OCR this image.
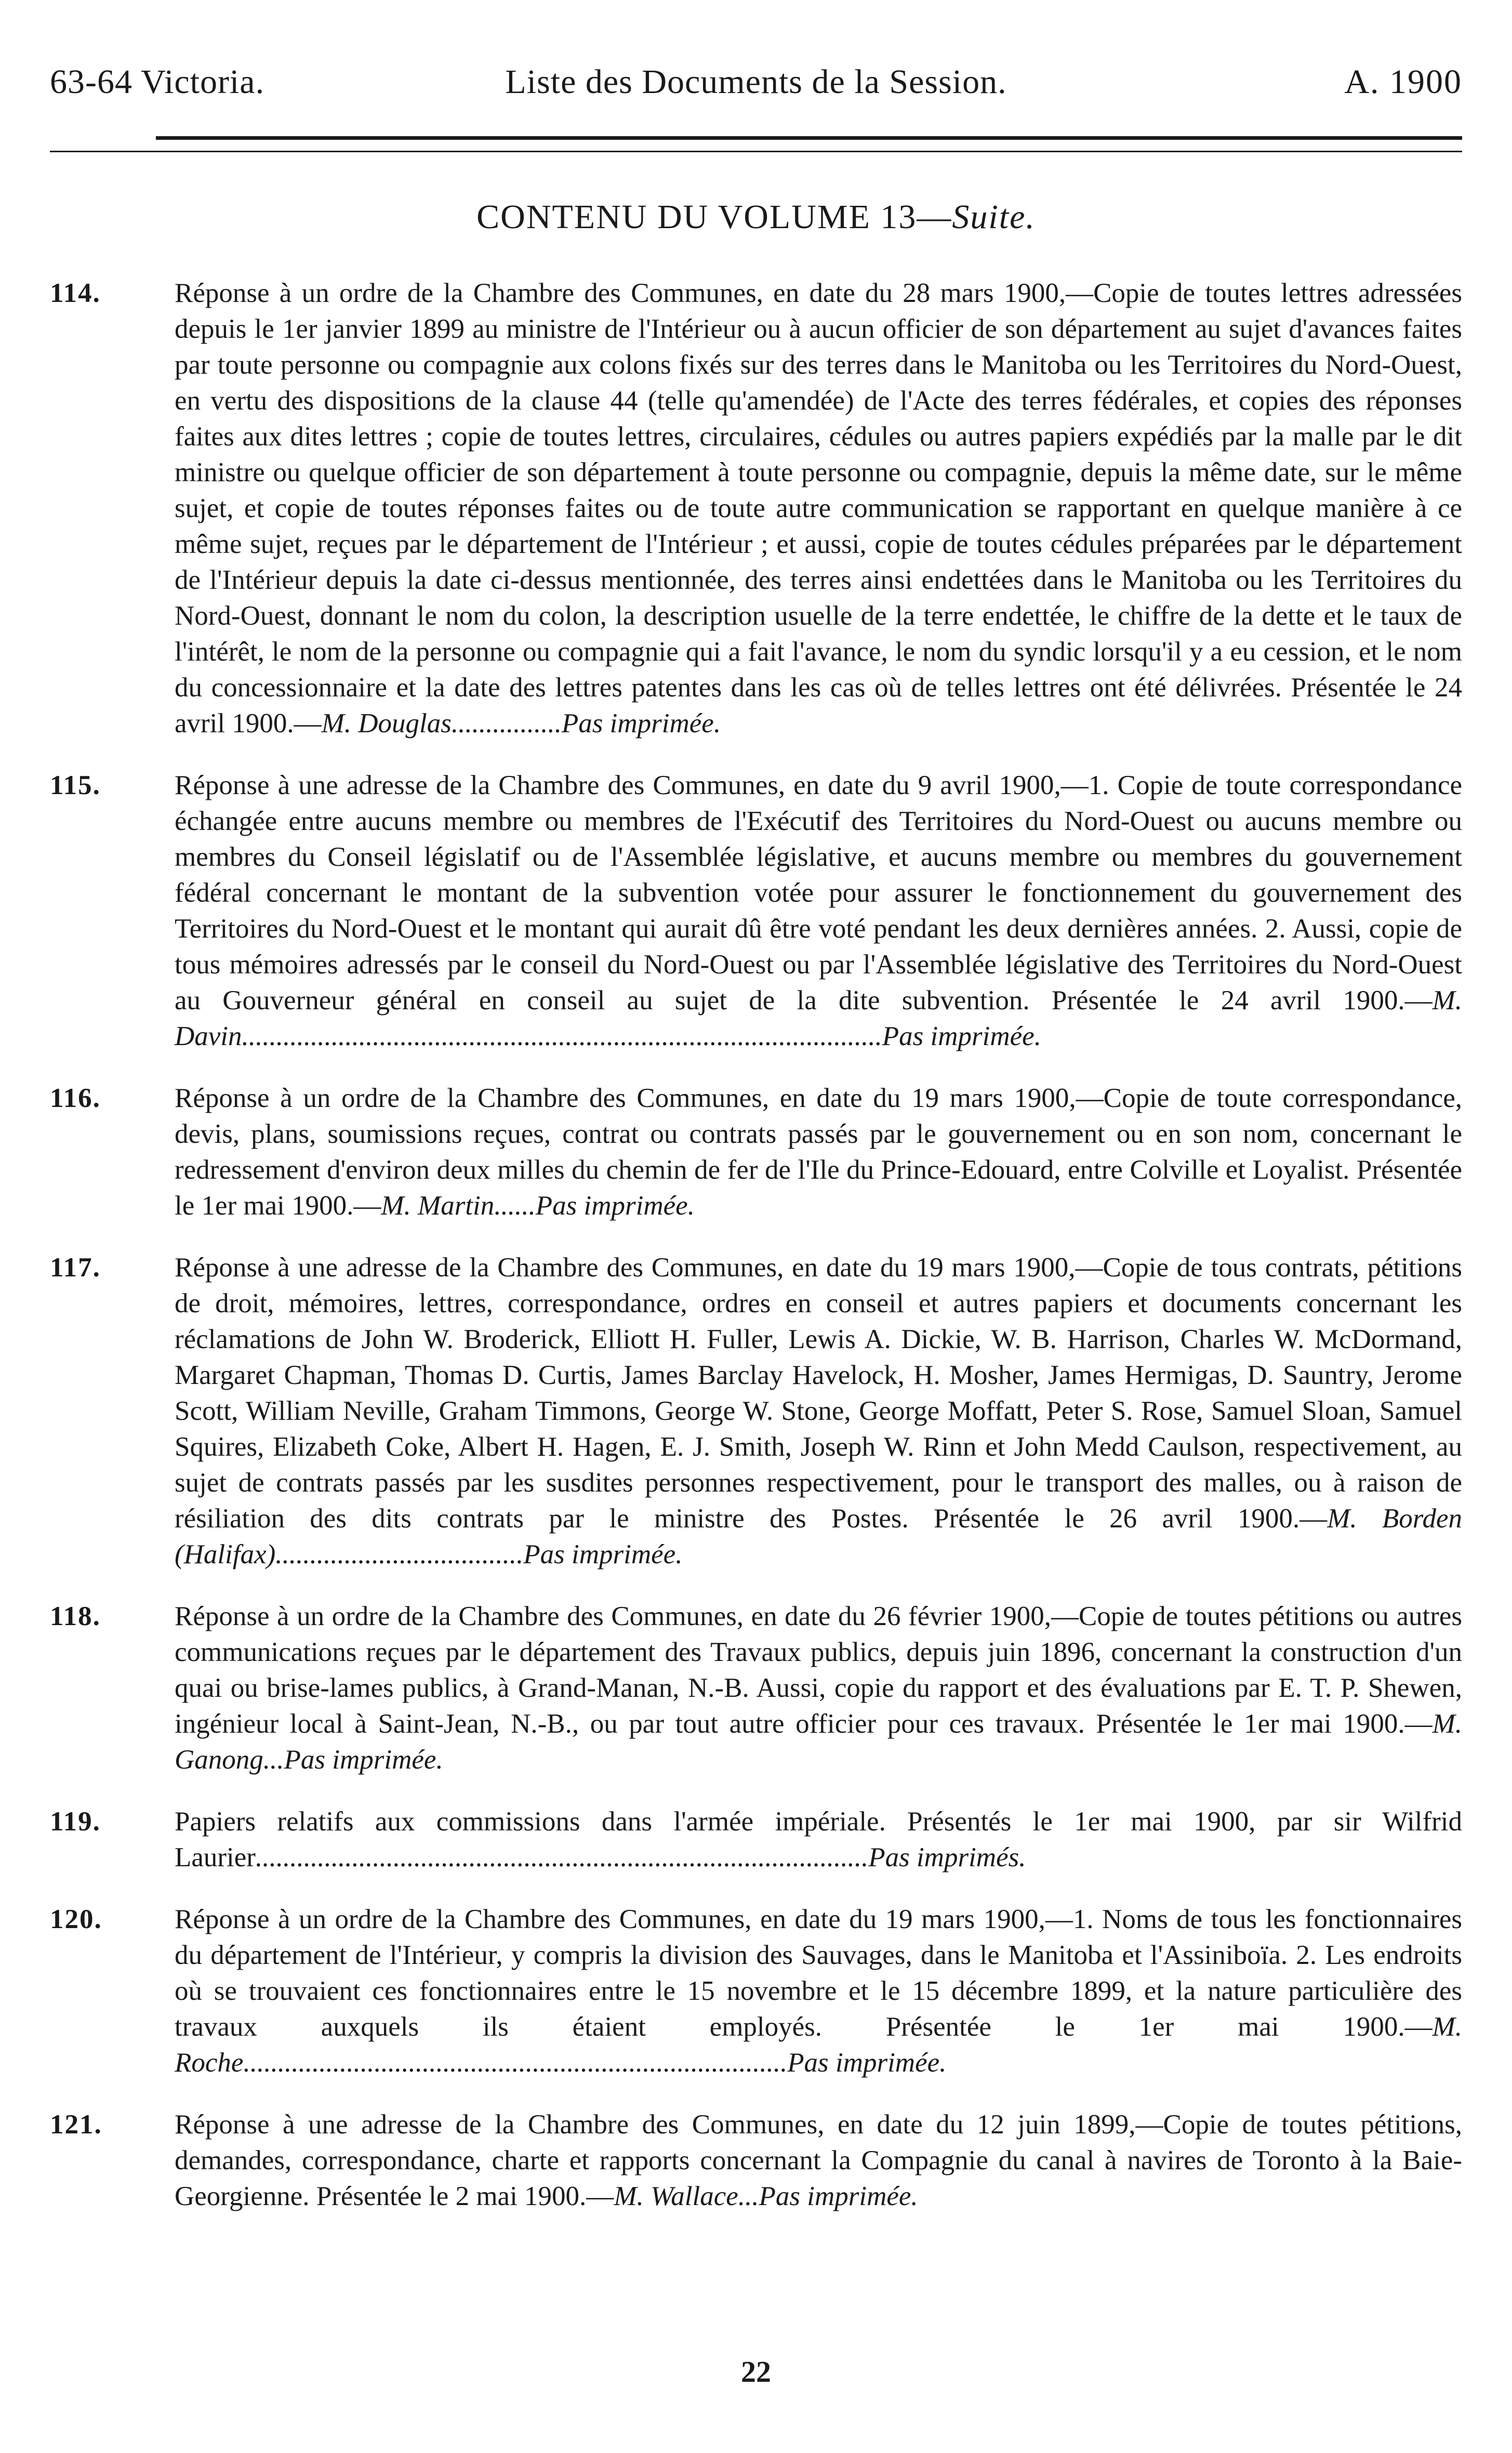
63-64 Victoria.	Liste des Documents de la Session.	A. 1900
CONTENU DU VOLUME 13—Suite.
114.	Réponse à un ordre de la Chambre des Communes, en date du 28 mars 1900,—Copie de toutes lettres adressées depuis le 1er janvier 1899 au ministre de l'Intérieur ou à aucun officier de son département au sujet d'avances faites par toute personne ou compagnie aux colons fixés sur des terres dans le Manitoba ou les Territoires du Nord-Ouest, en vertu des dispositions de la clause 44 (telle qu'amendée) de l'Acte des terres fédérales, et copies des réponses faites aux dites lettres ; copie de toutes lettres, circulaires, cédules ou autres papiers expédiés par la malle par le dit ministre ou quelque officier de son département à toute personne ou compagnie, depuis la même date, sur le même sujet, et copie de toutes réponses faites ou de toute autre communication se rapportant en quelque manière à ce même sujet, reçues par le département de l'Intérieur ; et aussi, copie de toutes cédules préparées par le département de l'Intérieur depuis la date ci-dessus mentionnée, des terres ainsi endettées dans le Manitoba ou les Territoires du Nord-Ouest, donnant le nom du colon, la description usuelle de la terre endettée, le chiffre de la dette et le taux de l'intérêt, le nom de la personne ou compagnie qui a fait l'avance, le nom du syndic lorsqu'il y a eu cession, et le nom du concessionnaire et la date des lettres patentes dans les cas où de telles lettres ont été délivrées. Présentée le 24 avril 1900.—M. Douglas................Pas imprimée.

115.	Réponse à une adresse de la Chambre des Communes, en date du 9 avril 1900,—1. Copie de toute correspondance échangée entre aucuns membre ou membres de l'Exécutif des Territoires du Nord-Ouest ou aucuns membre ou membres du Conseil législatif ou de l'Assemblée législative, et aucuns membre ou membres du gouvernement fédéral concernant le montant de la subvention votée pour assurer le fonctionnement du gouvernement des Territoires du Nord-Ouest et le montant qui aurait dû être voté pendant les deux dernières années. 2. Aussi, copie de tous mémoires adressés par le conseil du Nord-Ouest ou par l'Assemblée législative des Territoires du Nord-Ouest au Gouverneur général en conseil au sujet de la dite subvention. Présentée le 24 avril 1900.—M. Davin.............................................................................................Pas imprimée.

116.	Réponse à un ordre de la Chambre des Communes, en date du 19 mars 1900,—Copie de toute correspondance, devis, plans, soumissions reçues, contrat ou contrats passés par le gouvernement ou en son nom, concernant le redressement d'environ deux milles du chemin de fer de l'Ile du Prince-Edouard, entre Colville et Loyalist. Présentée le 1er mai 1900.—M. Martin......Pas imprimée.

117.	Réponse à une adresse de la Chambre des Communes, en date du 19 mars 1900,—Copie de tous contrats, pétitions de droit, mémoires, lettres, correspondance, ordres en conseil et autres papiers et documents concernant les réclamations de John W. Broderick, Elliott H. Fuller, Lewis A. Dickie, W. B. Harrison, Charles W. McDormand, Margaret Chapman, Thomas D. Curtis, James Barclay Havelock, H. Mosher, James Hermigas, D. Sauntry, Jerome Scott, William Neville, Graham Timmons, George W. Stone, George Moffatt, Peter S. Rose, Samuel Sloan, Samuel Squires, Elizabeth Coke, Albert H. Hagen, E. J. Smith, Joseph W. Rinn et John Medd Caulson, respectivement, au sujet de contrats passés par les susdites personnes respectivement, pour le transport des malles, ou à raison de résiliation des dits contrats par le ministre des Postes. Présentée le 26 avril 1900.—M. Borden (Halifax)....................................Pas imprimée.

118.	Réponse à un ordre de la Chambre des Communes, en date du 26 février 1900,—Copie de toutes pétitions ou autres communications reçues par le département des Travaux publics, depuis juin 1896, concernant la construction d'un quai ou brise-lames publics, à Grand-Manan, N.-B. Aussi, copie du rapport et des évaluations par E. T. P. Shewen, ingénieur local à Saint-Jean, N.-B., ou par tout autre officier pour ces travaux. Présentée le 1er mai 1900.—M. Ganong...Pas imprimée.

119.	Papiers relatifs aux commissions dans l'armée impériale. Présentés le 1er mai 1900, par sir Wilfrid Laurier.........................................................................................Pas imprimés.

120.	Réponse à un ordre de la Chambre des Communes, en date du 19 mars 1900,—1. Noms de tous les fonctionnaires du département de l'Intérieur, y compris la division des Sauvages, dans le Manitoba et l'Assiniboïa. 2. Les endroits où se trouvaient ces fonctionnaires entre le 15 novembre et le 15 décembre 1899, et la nature particulière des travaux auxquels ils étaient employés. Présentée le 1er mai 1900.—M. Roche...............................................................................Pas imprimée.

121.	Réponse à une adresse de la Chambre des Communes, en date du 12 juin 1899,—Copie de toutes pétitions, demandes, correspondance, charte et rapports concernant la Compagnie du canal à navires de Toronto à la Baie-Georgienne. Présentée le 2 mai 1900.—M. Wallace...Pas imprimée.

22
